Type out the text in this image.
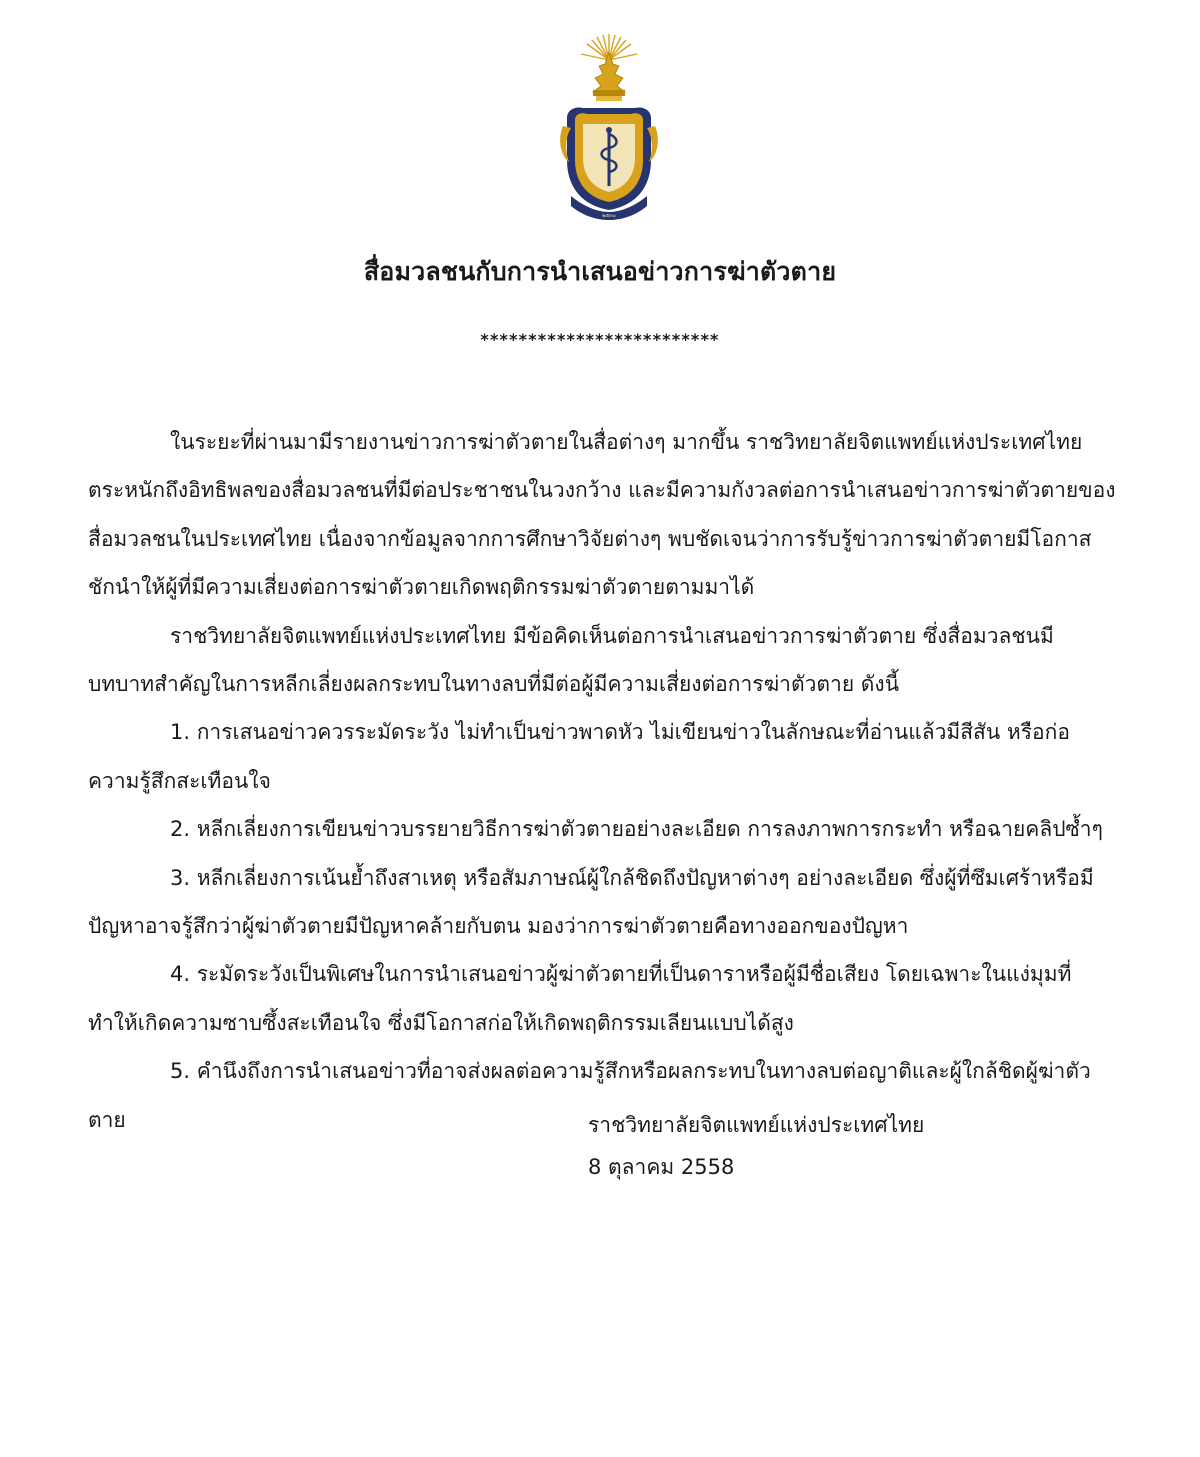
๒๕๓๐
สื่อมวลชนกับการนำเสนอข่าวการฆ่าตัวตาย
*************************

ในระยะที่ผ่านมามีรายงานข่าวการฆ่าตัวตายในสื่อต่างๆ มากขึ้น ราชวิทยาลัยจิตแพทย์แห่งประเทศไทยตระหนักถึงอิทธิพลของสื่อมวลชนที่มีต่อประชาชนในวงกว้าง และมีความกังวลต่อการนำเสนอข่าวการฆ่าตัวตายของสื่อมวลชนในประเทศไทย เนื่องจากข้อมูลจากการศึกษาวิจัยต่างๆ พบชัดเจนว่าการรับรู้ข่าวการฆ่าตัวตายมีโอกาสชักนำให้ผู้ที่มีความเสี่ยงต่อการฆ่าตัวตายเกิดพฤติกรรมฆ่าตัวตายตามมาได้

ราชวิทยาลัยจิตแพทย์แห่งประเทศไทย มีข้อคิดเห็นต่อการนำเสนอข่าวการฆ่าตัวตาย ซึ่งสื่อมวลชนมีบทบาทสำคัญในการหลีกเลี่ยงผลกระทบในทางลบที่มีต่อผู้มีความเสี่ยงต่อการฆ่าตัวตาย ดังนี้

1. การเสนอข่าวควรระมัดระวัง ไม่ทำเป็นข่าวพาดหัว ไม่เขียนข่าวในลักษณะที่อ่านแล้วมีสีสัน หรือก่อความรู้สึกสะเทือนใจ

2. หลีกเลี่ยงการเขียนข่าวบรรยายวิธีการฆ่าตัวตายอย่างละเอียด การลงภาพการกระทำ หรือฉายคลิปซ้ำๆ

3. หลีกเลี่ยงการเน้นย้ำถึงสาเหตุ หรือสัมภาษณ์ผู้ใกล้ชิดถึงปัญหาต่างๆ อย่างละเอียด ซึ่งผู้ที่ซึมเศร้าหรือมีปัญหาอาจรู้สึกว่าผู้ฆ่าตัวตายมีปัญหาคล้ายกับตน มองว่าการฆ่าตัวตายคือทางออกของปัญหา

4. ระมัดระวังเป็นพิเศษในการนำเสนอข่าวผู้ฆ่าตัวตายที่เป็นดาราหรือผู้มีชื่อเสียง โดยเฉพาะในแง่มุมที่ทำให้เกิดความซาบซึ้งสะเทือนใจ ซึ่งมีโอกาสก่อให้เกิดพฤติกรรมเลียนแบบได้สูง

5. คำนึงถึงการนำเสนอข่าวที่อาจส่งผลต่อความรู้สึกหรือผลกระทบในทางลบต่อญาติและผู้ใกล้ชิดผู้ฆ่าตัวตาย	ราชวิทยาลัยจิตแพทย์แห่งประเทศไทย
8 ตุลาคม 2558
